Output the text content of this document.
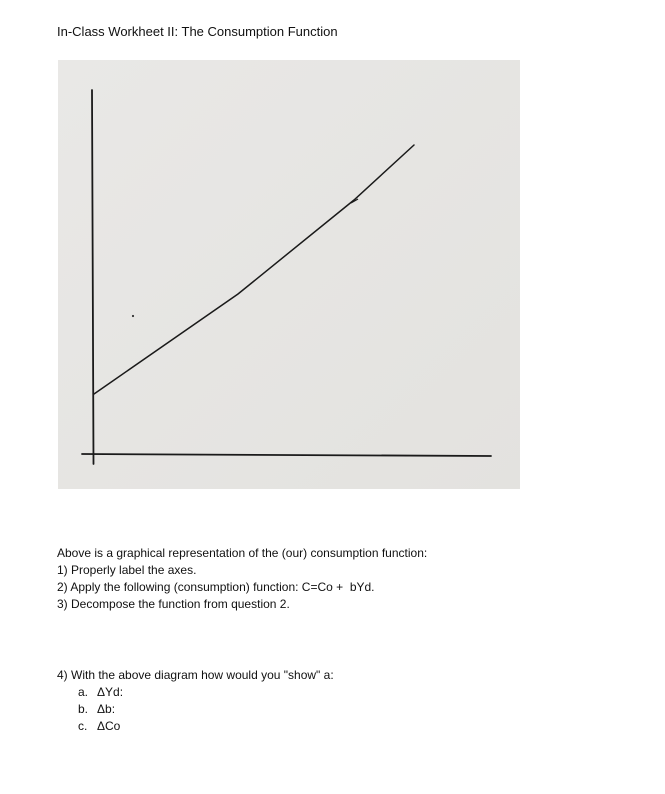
In-Class Workheet II: The Consumption Function
Above is a graphical representation of the (our) consumption function:
1) Properly label the axes.
2) Apply the following (consumption) function: C=Co +  bYd.
3) Decompose the function from question 2.
4) With the above diagram how would you "show" a:
a. ΔYd:
b. Δb:
c. ΔCo
